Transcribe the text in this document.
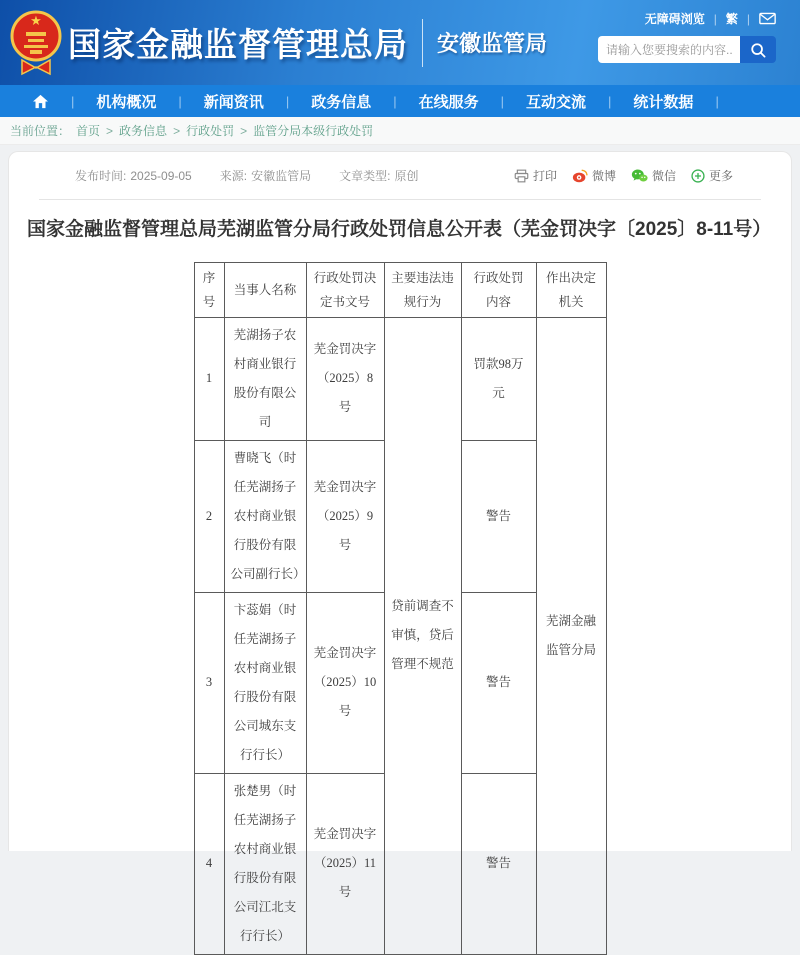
★
国家金融监督管理总局 安徽监管局
无障碍浏览 | 繁 |
请输入您要搜索的内容...
| 机构概况 | 新闻资讯 | 政务信息 | 在线服务 | 互动交流 | 统计数据 |
当前位置： 首页 > 政务信息 > 行政处罚 > 监管分局本级行政处罚
发布时间: 2025-09-05 来源: 安徽监管局 文章类型: 原创	打印	微博	微信	更多
国家金融监督管理总局芜湖监管分局行政处罚信息公开表（芜金罚决字〔2025〕8-11号）
序号	当事人名称	行政处罚决定书文号	主要违法违规行为	行政处罚内容	作出决定机关
1	芜湖扬子农村商业银行股份有限公司	芜金罚决字（2025）8号	贷前调查不审慎，贷后管理不规范	罚款98万元	芜湖金融监管分局
2	曹晓飞（时任芜湖扬子农村商业银行股份有限公司副行长）	芜金罚决字（2025）9号		警告	
3	卞蕊娟（时任芜湖扬子农村商业银行股份有限公司城东支行行长）	芜金罚决字（2025）10号		警告	
4	张楚男（时任芜湖扬子农村商业银行股份有限公司江北支行行长）	芜金罚决字（2025）11号		警告	
